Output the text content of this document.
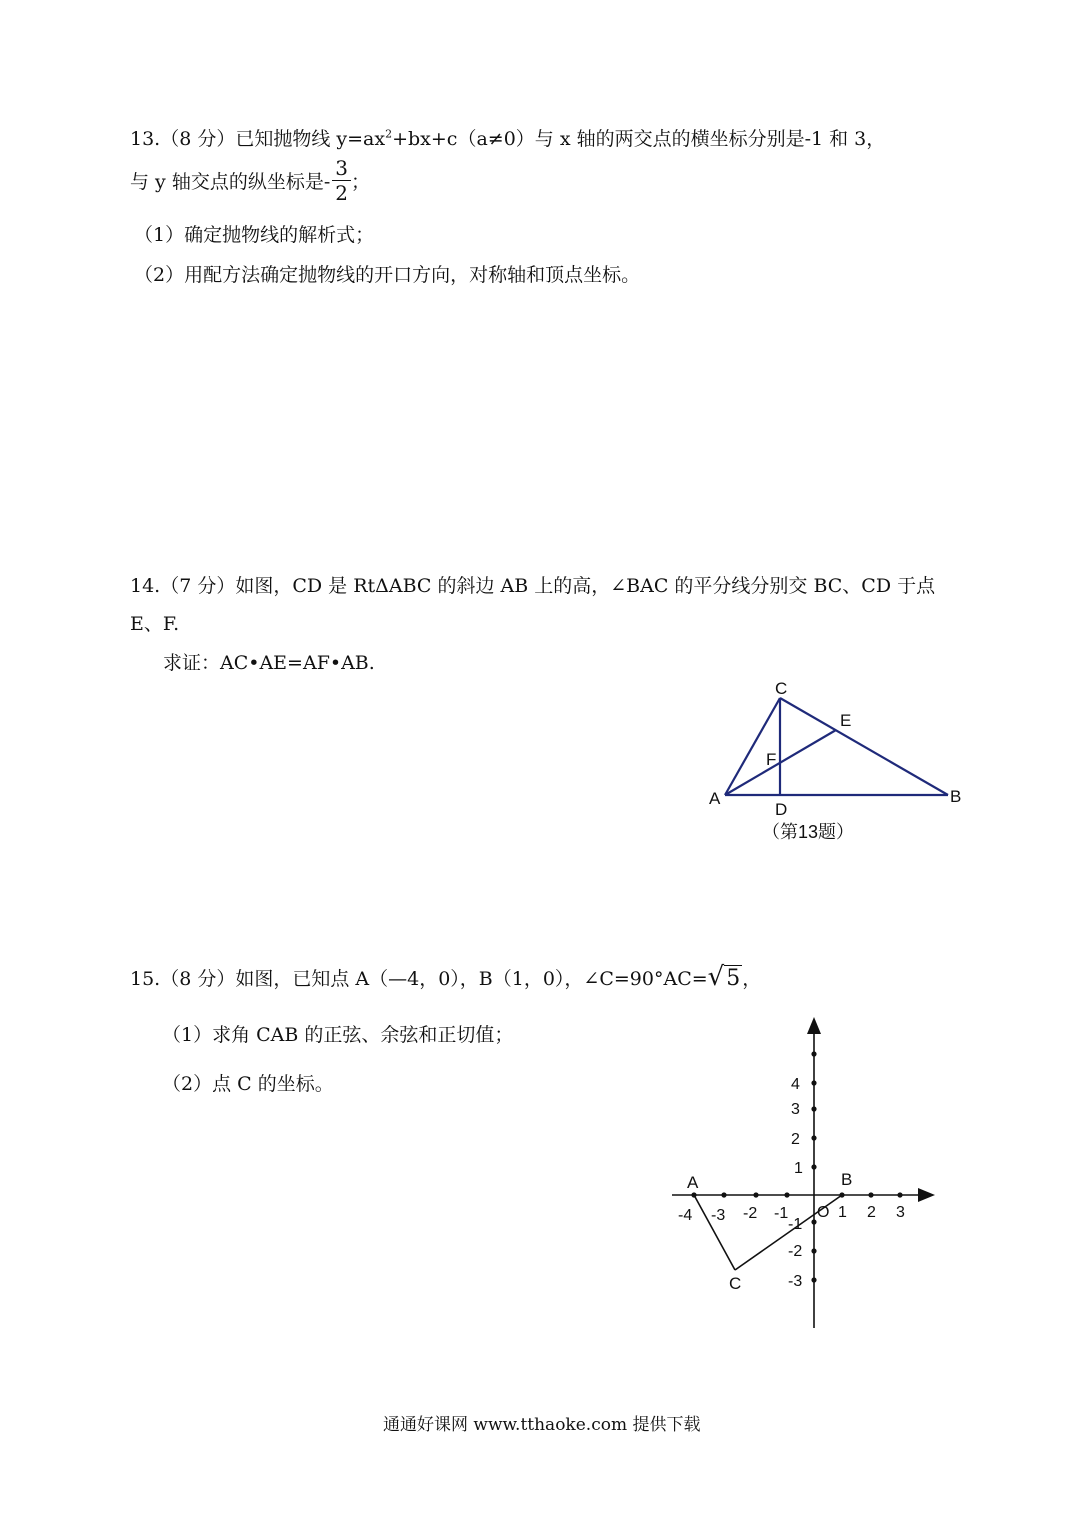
13.（8 分）已知抛物线 $y=ax^2+bx+c(a\ne 0)$与 x 轴的两交点的横坐标分别是-1 和 3，
与 y 轴交点的纵坐标是- $\frac{3}{2}$ ；
（1）确定抛物线的解析式；
（2）用配方法确定抛物线的开口方向，对称轴和顶点坐标。
14.（7 分）如图，CD 是 RtΔABC 的斜边 AB 上的高，∠BAC 的平分线分别交 BC、CD 于点
E、F.
求证：AC•AE=AF•AB.
C
E
F
A
D
B
（第13题）
15.（8 分）如图，已知点 A（—4，0），B（1，0），∠C=90°AC=√5 ，
（1）求角 CAB 的正弦、余弦和正切值；
（2）点 C 的坐标。
-4 -3 -2 -1 O 1 2 3
4
3
2
1
-1
-2
-3
A	B
C
通通好课网 www.tthaoke.com 提供下载
